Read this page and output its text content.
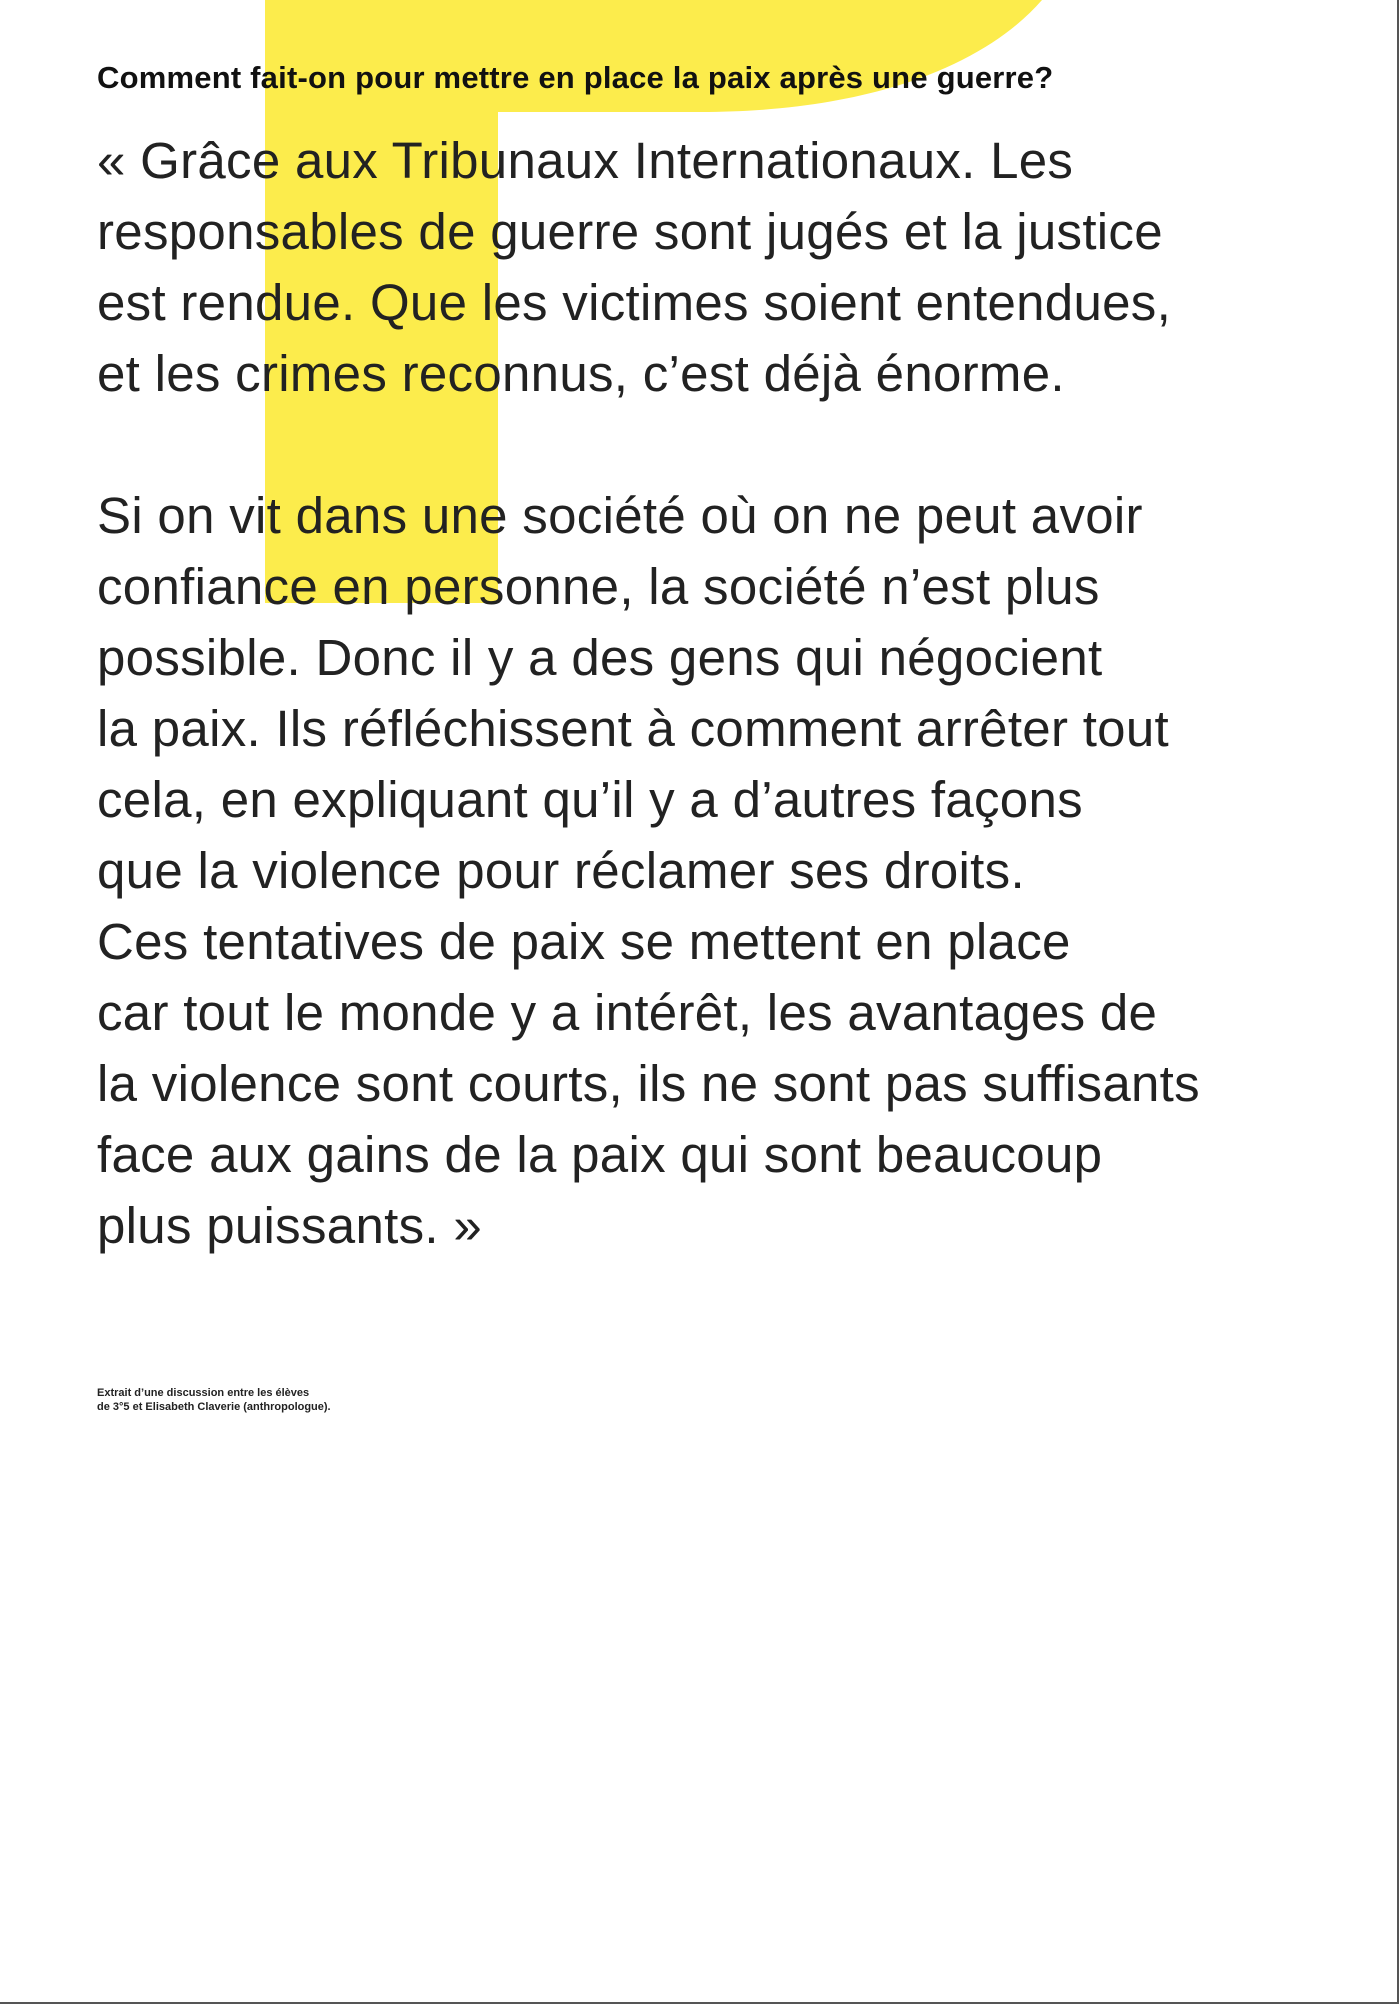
Comment fait-on pour mettre en place la paix après une guerre?

« Grâce aux Tribunaux Internationaux. Les
responsables de guerre sont jugés et la justice
est rendue. Que les victimes soient entendues,
et les crimes reconnus, c’est déjà énorme.

Si on vit dans une société où on ne peut avoir
confiance en personne, la société n’est plus
possible. Donc il y a des gens qui négocient
la paix. Ils réfléchissent à comment arrêter tout
cela, en expliquant qu’il y a d’autres façons
que la violence pour réclamer ses droits.
Ces tentatives de paix se mettent en place
car tout le monde y a intérêt, les avantages de
la violence sont courts, ils ne sont pas suffisants
face aux gains de la paix qui sont beaucoup
plus puissants. »

Extrait d’une discussion entre les élèves
de 3°5 et Elisabeth Claverie (anthropologue).
